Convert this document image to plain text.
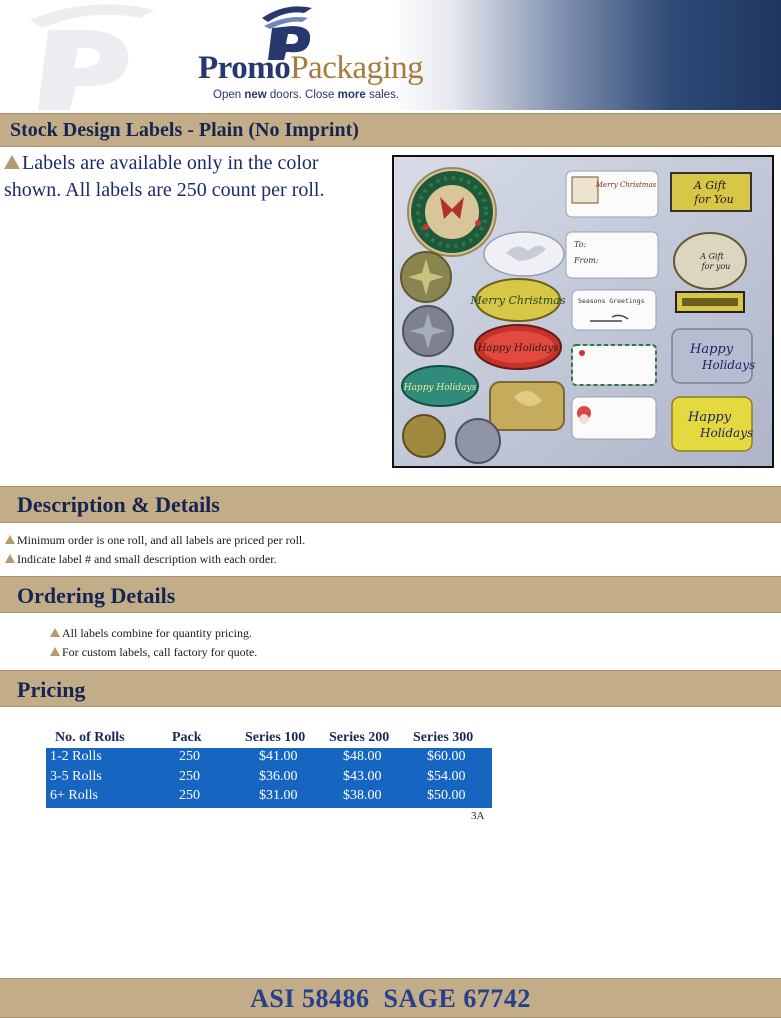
PromoPackaging
Open new doors. Close more sales.
Stock Design Labels - Plain (No Imprint)
Labels are available only in the color shown. All labels are 250 count per roll.
Merry Christmas
Happy Holidays
Happy Holidays
Merry Christmas
To:
From:
Seasons Greetings
A Gift
for You
A Gift
for you
Happy
Holidays
Happy
Holidays
Description & Details
Minimum order is one roll, and all labels are priced per roll.
Indicate label # and small description with each order.
Ordering Details
All labels combine for quantity pricing.
For custom labels, call factory for quote.
Pricing
No. of Rolls	Pack	Series 100 Series 200 Series 300
1-2 Rolls	250	$41.00	$48.00	$60.00
3-5 Rolls	250	$36.00	$43.00	$54.00
6+ Rolls	250	$31.00	$38.00	$50.00
3A
ASI 58486 SAGE 67742
